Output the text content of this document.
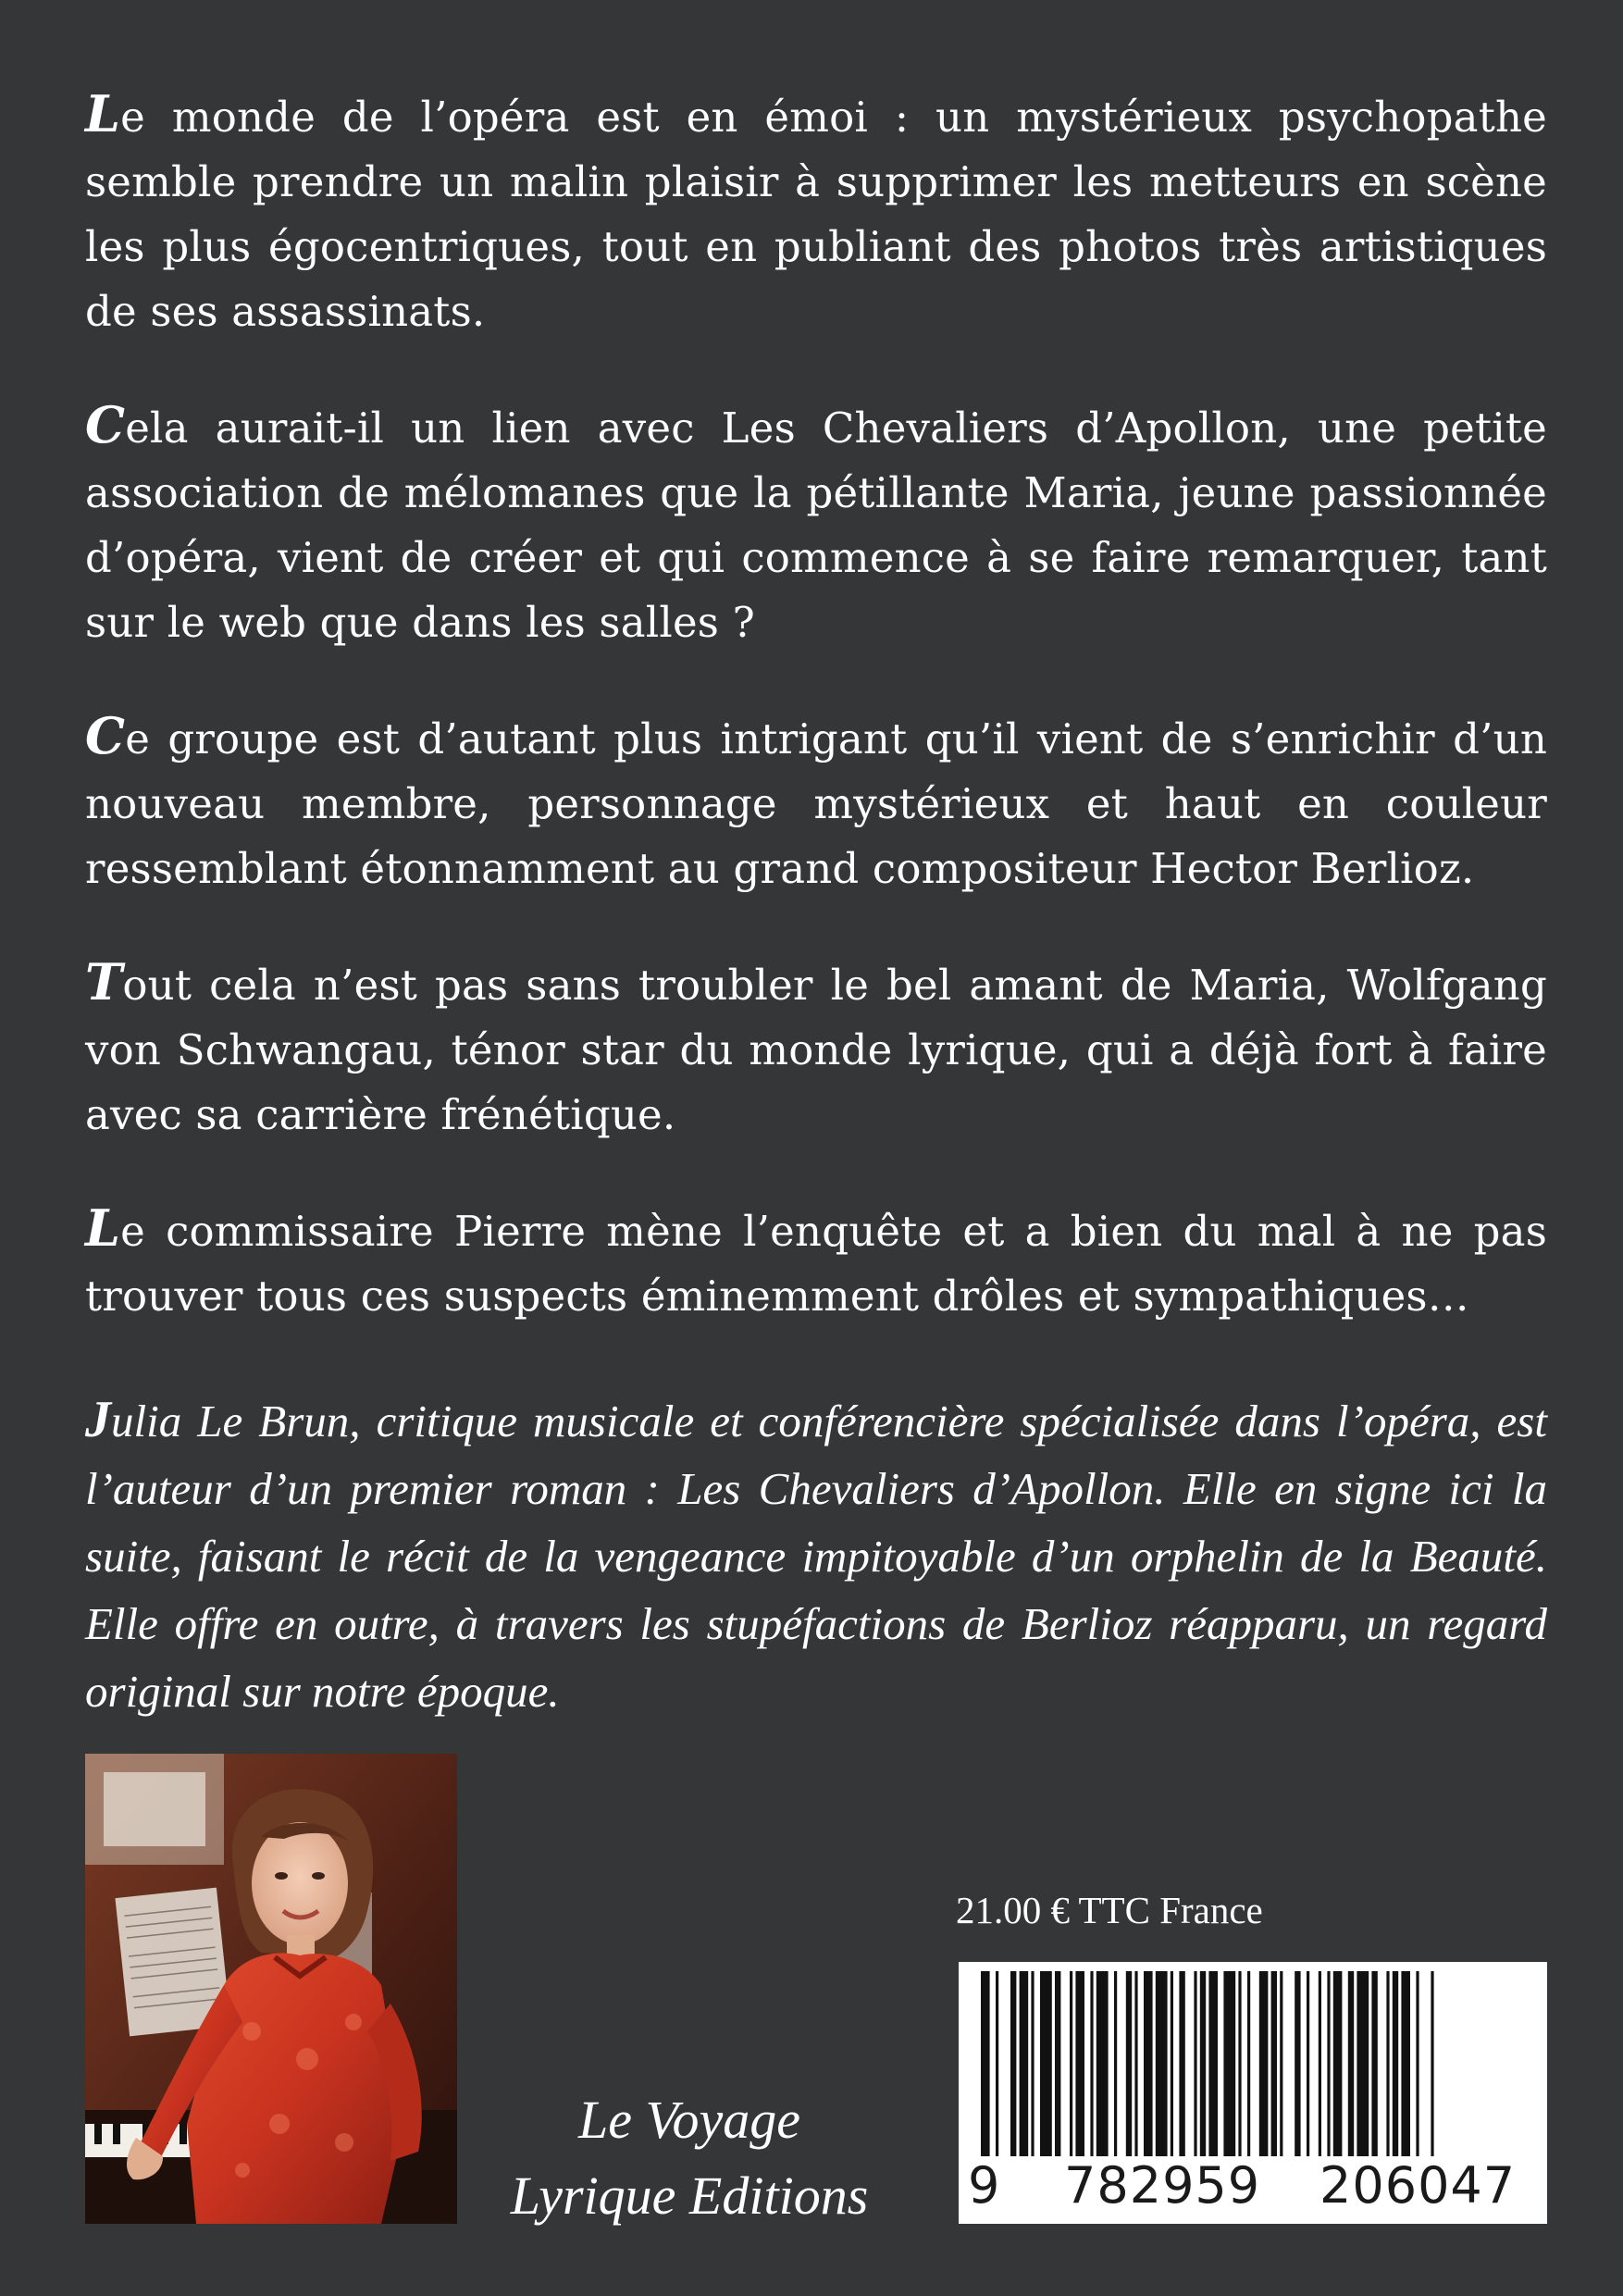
Le monde de l’opéra est en émoi : un mystérieux psychopathe semble prendre un malin plaisir à supprimer les metteurs en scène les plus égocentriques, tout en publiant des photos très artistiques de ses assassinats.

Cela aurait-il un lien avec Les Chevaliers d’Apollon, une petite association de mélomanes que la pétillante Maria, jeune passionnée d’opéra, vient de créer et qui commence à se faire remarquer, tant sur le web que dans les salles ?

Ce groupe est d’autant plus intrigant qu’il vient de s’enrichir d’un nouveau membre, personnage mystérieux et haut en couleur ressemblant étonnamment au grand compositeur Hector Berlioz.

Tout cela n’est pas sans troubler le bel amant de Maria, Wolfgang von Schwangau, ténor star du monde lyrique, qui a déjà fort à faire avec sa carrière frénétique.

Le commissaire Pierre mène l’enquête et a bien du mal à ne pas trouver tous ces suspects éminemment drôles et sympathiques…

Julia Le Brun, critique musicale et conférencière spécialisée dans l’opéra, est l’auteur d’un premier roman : Les Chevaliers d’Apollon. Elle en signe ici la suite, faisant le récit de la vengeance impitoyable d’un orphelin de la Beauté. Elle offre en outre, à travers les stupéfactions de Berlioz réapparu, un regard original sur notre époque.
Le Voyage
Lyrique Editions
21.00 € TTC France
9 782959 206047
